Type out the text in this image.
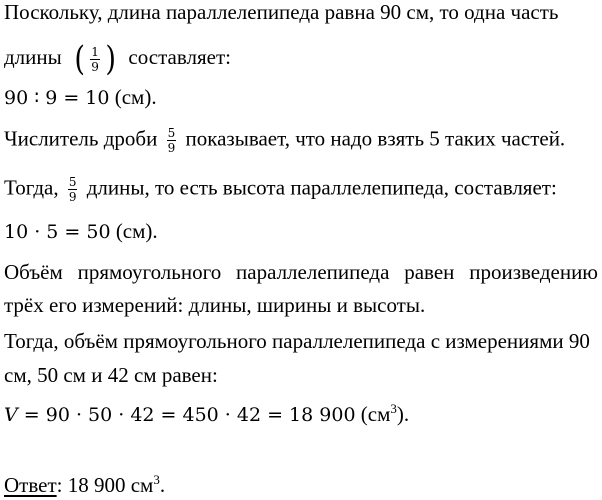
Поскольку, длина параллелепипеда равна 90 см, то одна часть
длины ( $\frac{1}{9}$ ) составляет:
90 ∶ 9 = 10 (см).
Числитель дроби $\frac{5}{9}$ показывает, что надо взять 5 таких частей.
Тогда, $\frac{5}{9}$ длины, то есть высота параллелепипеда, составляет:
10 · 5 = 50 (см).
Объём прямоугольного параллелепипеда равен произведению
трёх его измерений: длины, ширины и высоты.
Тогда, объём прямоугольного параллелепипеда с измерениями 90
см, 50 см и 42 см равен:
V = 90 · 50 · 42 = 450 · 42 = 18 900 $(см^3)$.
Ответ: 18 900 $см^3$.
